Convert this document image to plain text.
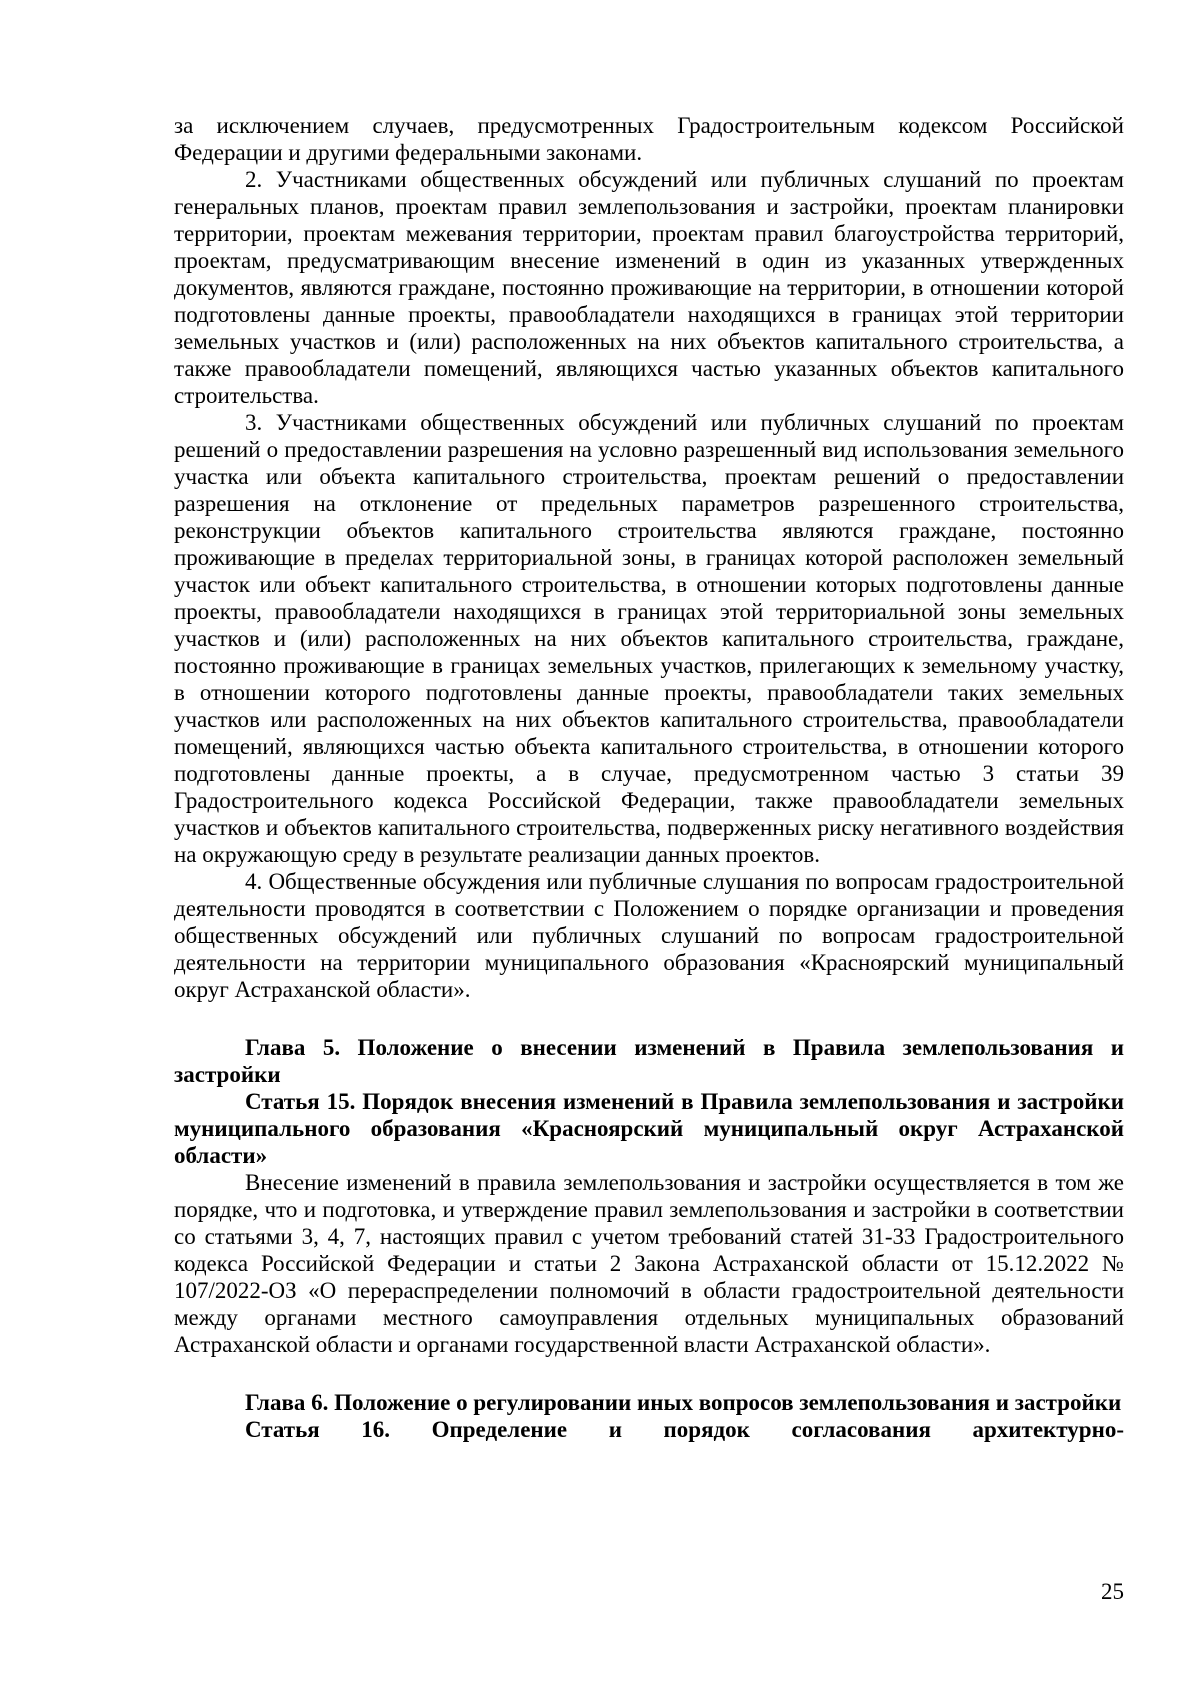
за исключением случаев, предусмотренных Градостроительным кодексом Российской Федерации и другими федеральными законами.

2. Участниками общественных обсуждений или публичных слушаний по проектам генеральных планов, проектам правил землепользования и застройки, проектам планировки территории, проектам межевания территории, проектам правил благоустройства территорий, проектам, предусматривающим внесение изменений в один из указанных утвержденных документов, являются граждане, постоянно проживающие на территории, в отношении которой подготовлены данные проекты, правообладатели находящихся в границах этой территории земельных участков и (или) расположенных на них объектов капитального строительства, а также правообладатели помещений, являющихся частью указанных объектов капитального строительства.

3. Участниками общественных обсуждений или публичных слушаний по проектам решений о предоставлении разрешения на условно разрешенный вид использования земельного участка или объекта капитального строительства, проектам решений о предоставлении разрешения на отклонение от предельных параметров разрешенного строительства, реконструкции объектов капитального строительства являются граждане, постоянно проживающие в пределах территориальной зоны, в границах которой расположен земельный участок или объект капитального строительства, в отношении которых подготовлены данные проекты, правообладатели находящихся в границах этой территориальной зоны земельных участков и (или) расположенных на них объектов капитального строительства, граждане, постоянно проживающие в границах земельных участков, прилегающих к земельному участку, в отношении которого подготовлены данные проекты, правообладатели таких земельных участков или расположенных на них объектов капитального строительства, правообладатели помещений, являющихся частью объекта капитального строительства, в отношении которого подготовлены данные проекты, а в случае, предусмотренном частью 3 статьи 39 Градостроительного кодекса Российской Федерации, также правообладатели земельных участков и объектов капитального строительства, подверженных риску негативного воздействия на окружающую среду в результате реализации данных проектов.

4. Общественные обсуждения или публичные слушания по вопросам градостроительной деятельности проводятся в соответствии с Положением о порядке организации и проведения общественных обсуждений или публичных слушаний по вопросам градостроительной деятельности на территории муниципального образования «Красноярский муниципальный округ Астраханской области».

Глава 5. Положение о внесении изменений в Правила землепользования и застройки

Статья 15. Порядок внесения изменений в Правила землепользования и застройки муниципального образования «Красноярский муниципальный округ Астраханской области»

Внесение изменений в правила землепользования и застройки осуществляется в том же порядке, что и подготовка, и утверждение правил землепользования и застройки в соответствии со статьями 3, 4, 7, настоящих правил с учетом требований статей 31-33 Градостроительного кодекса Российской Федерации и статьи 2 Закона Астраханской области от 15.12.2022 № 107/2022-ОЗ «О перераспределении полномочий в области градостроительной деятельности между органами местного самоуправления отдельных муниципальных образований Астраханской области и органами государственной власти Астраханской области».

Глава 6. Положение о регулировании иных вопросов землепользования и застройки

Статья 16. Определение и порядок согласования архитектурно-

25
